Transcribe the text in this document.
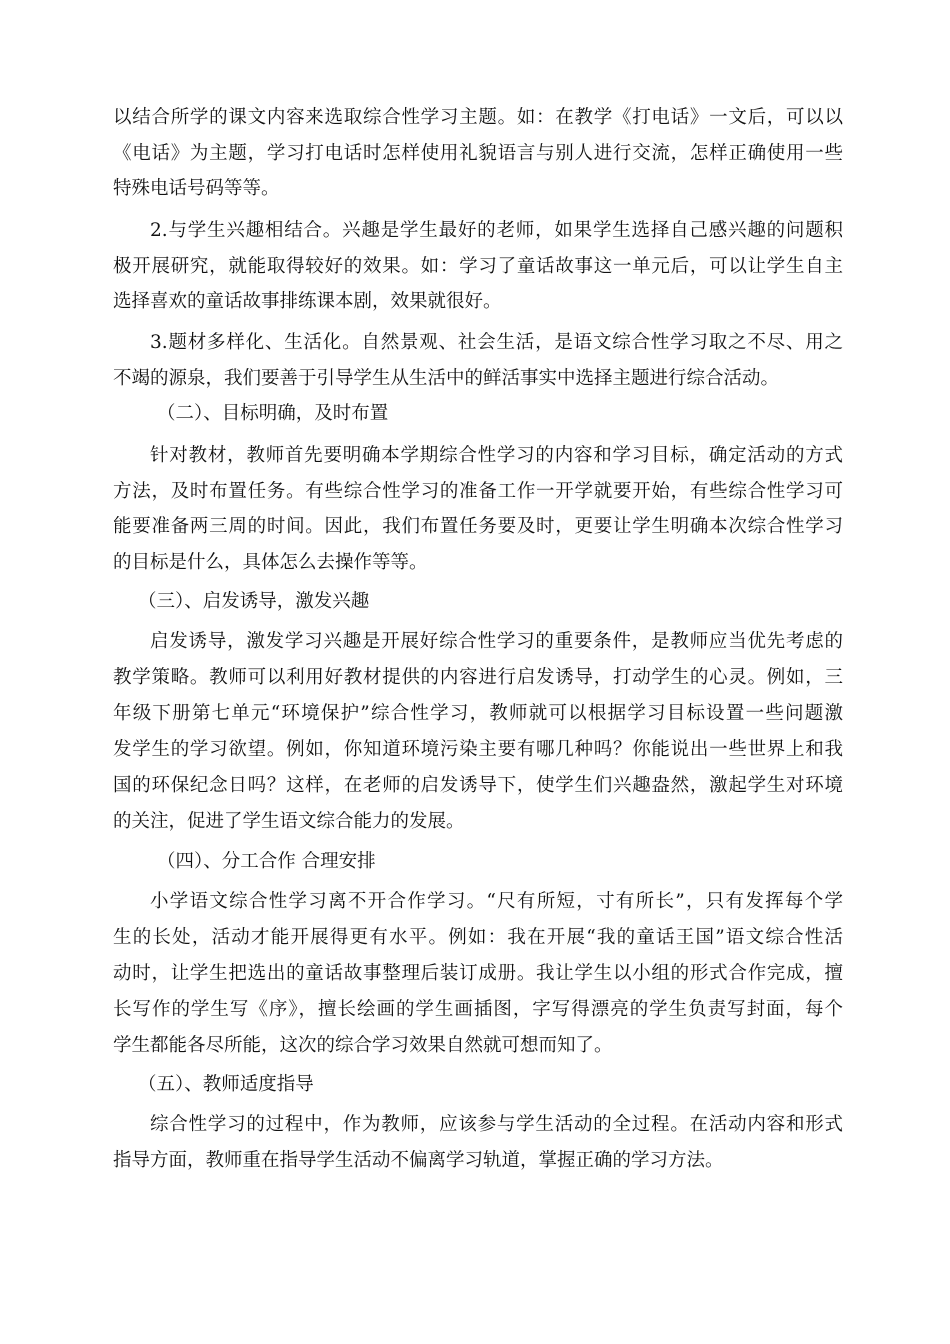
以结合所学的课文内容来选取综合性学习主题。如：在教学《打电话》一文后，可以以
《电话》为主题，学习打电话时怎样使用礼貌语言与别人进行交流，怎样正确使用一些
特殊电话号码等等。
2.与学生兴趣相结合。兴趣是学生最好的老师，如果学生选择自己感兴趣的问题积
极开展研究，就能取得较好的效果。如：学习了童话故事这一单元后，可以让学生自主
选择喜欢的童话故事排练课本剧，效果就很好。
3.题材多样化、生活化。自然景观、社会生活，是语文综合性学习取之不尽、用之
不竭的源泉，我们要善于引导学生从生活中的鲜活事实中选择主题进行综合活动。
（二）、目标明确，及时布置
针对教材，教师首先要明确本学期综合性学习的内容和学习目标，确定活动的方式
方法，及时布置任务。有些综合性学习的准备工作一开学就要开始，有些综合性学习可
能要准备两三周的时间。因此，我们布置任务要及时，更要让学生明确本次综合性学习
的目标是什么，具体怎么去操作等等。
（三）、启发诱导，激发兴趣
启发诱导，激发学习兴趣是开展好综合性学习的重要条件，是教师应当优先考虑的
教学策略。教师可以利用好教材提供的内容进行启发诱导，打动学生的心灵。例如，三
年级下册第七单元“环境保护”综合性学习，教师就可以根据学习目标设置一些问题激
发学生的学习欲望。例如，你知道环境污染主要有哪几种吗？你能说出一些世界上和我
国的环保纪念日吗？这样，在老师的启发诱导下，使学生们兴趣盎然，激起学生对环境
的关注，促进了学生语文综合能力的发展。
（四）、分工合作 合理安排
小学语文综合性学习离不开合作学习。“尺有所短，寸有所长”，只有发挥每个学
生的长处，活动才能开展得更有水平。例如：我在开展“我的童话王国”语文综合性活
动时，让学生把选出的童话故事整理后装订成册。我让学生以小组的形式合作完成，擅
长写作的学生写《序》，擅长绘画的学生画插图，字写得漂亮的学生负责写封面，每个
学生都能各尽所能，这次的综合学习效果自然就可想而知了。
（五）、教师适度指导
综合性学习的过程中，作为教师，应该参与学生活动的全过程。在活动内容和形式
指导方面，教师重在指导学生活动不偏离学习轨道，掌握正确的学习方法。
